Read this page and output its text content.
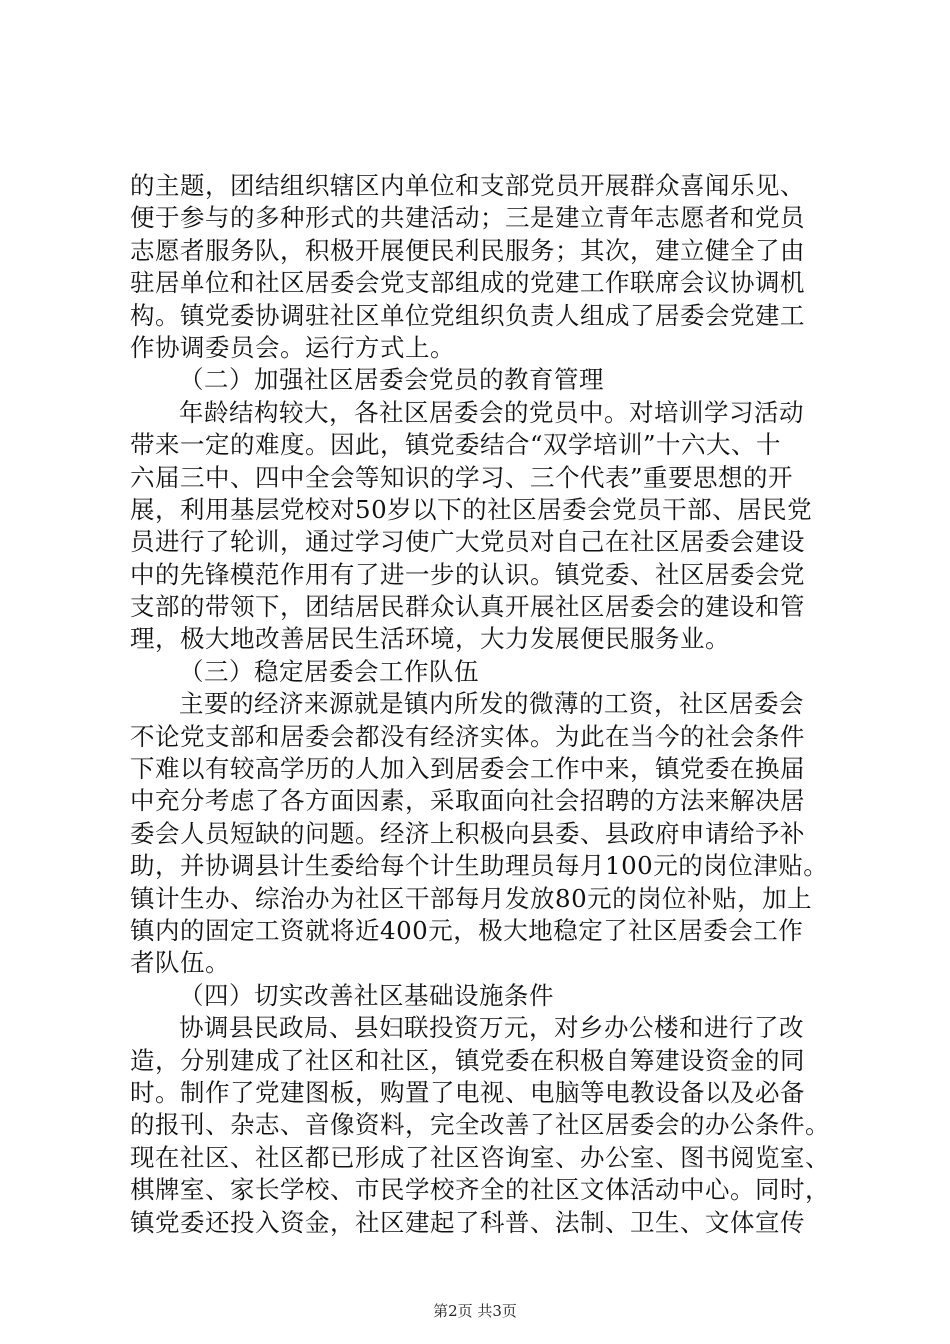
的主题，团结组织辖区内单位和支部党员开展群众喜闻乐见、
便于参与的多种形式的共建活动；三是建立青年志愿者和党员
志愿者服务队，积极开展便民利民服务；其次，建立健全了由
驻居单位和社区居委会党支部组成的党建工作联席会议协调机
构。镇党委协调驻社区单位党组织负责人组成了居委会党建工
作协调委员会。运行方式上。
（二）加强社区居委会党员的教育管理
年龄结构较大，各社区居委会的党员中。对培训学习活动
带来一定的难度。因此，镇党委结合“双学培训”十六大、十
六届三中、四中全会等知识的学习、三个代表”重要思想的开
展，利用基层党校对50岁以下的社区居委会党员干部、居民党
员进行了轮训，通过学习使广大党员对自己在社区居委会建设
中的先锋模范作用有了进一步的认识。镇党委、社区居委会党
支部的带领下，团结居民群众认真开展社区居委会的建设和管
理，极大地改善居民生活环境，大力发展便民服务业。
（三）稳定居委会工作队伍
主要的经济来源就是镇内所发的微薄的工资，社区居委会
不论党支部和居委会都没有经济实体。为此在当今的社会条件
下难以有较高学历的人加入到居委会工作中来，镇党委在换届
中充分考虑了各方面因素，采取面向社会招聘的方法来解决居
委会人员短缺的问题。经济上积极向县委、县政府申请给予补
助，并协调县计生委给每个计生助理员每月100元的岗位津贴。
镇计生办、综治办为社区干部每月发放80元的岗位补贴，加上
镇内的固定工资就将近400元，极大地稳定了社区居委会工作
者队伍。
（四）切实改善社区基础设施条件
协调县民政局、县妇联投资万元，对乡办公楼和进行了改
造，分别建成了社区和社区，镇党委在积极自筹建设资金的同
时。制作了党建图板，购置了电视、电脑等电教设备以及必备
的报刊、杂志、音像资料，完全改善了社区居委会的办公条件。
现在社区、社区都已形成了社区咨询室、办公室、图书阅览室、
棋牌室、家长学校、市民学校齐全的社区文体活动中心。同时，
镇党委还投入资金，社区建起了科普、法制、卫生、文体宣传
第2页 共3页
